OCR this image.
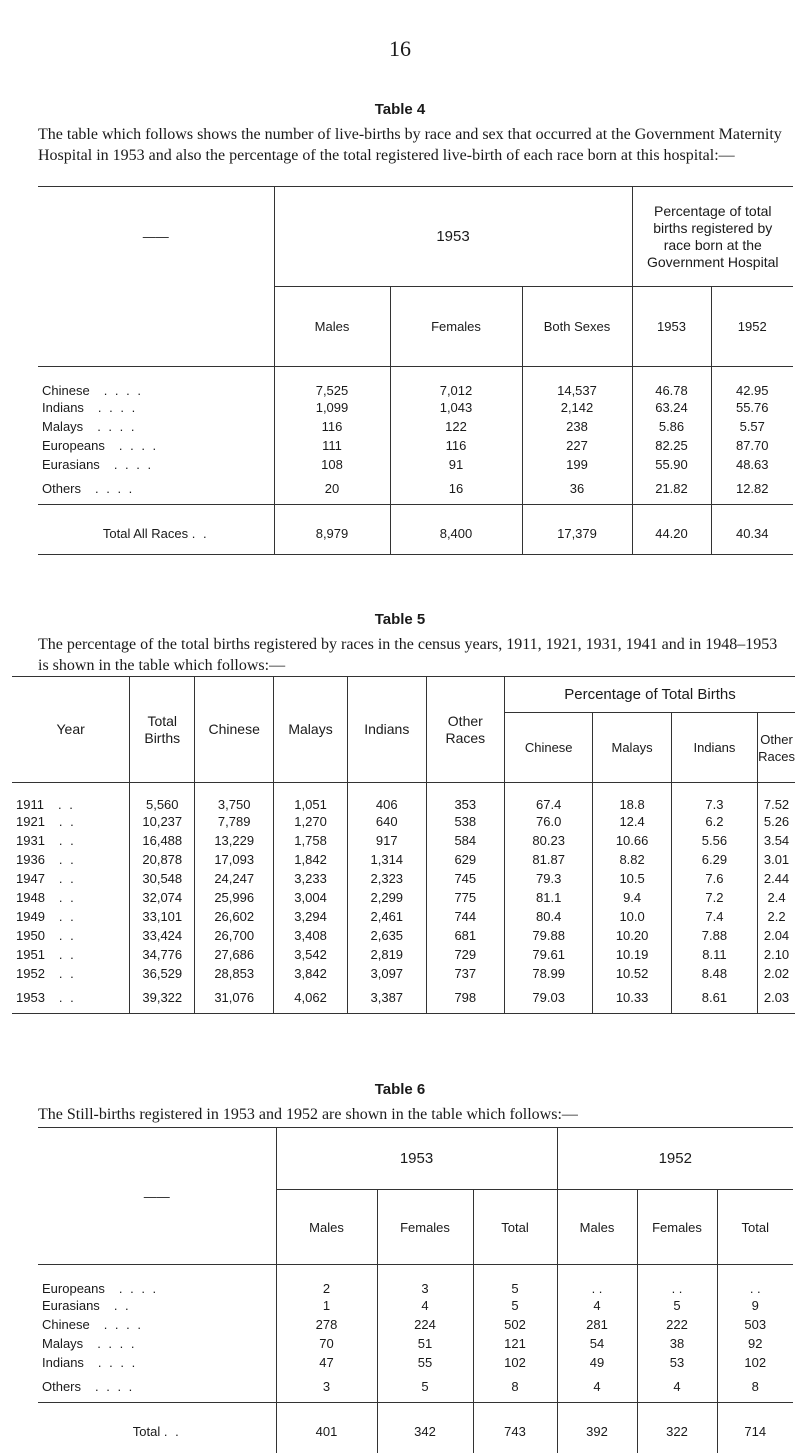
16
Table 4
The table which follows shows the number of live-births by race and sex that occurred at the Government Maternity Hospital in 1953 and also the percentage of the total registered live-birth of each race born at this hospital:—
——	1953			Percentage of total births registered by race born at the Government Hospital	
	Males	Females	Both Sexes	1953	1952
Chinese . . . .	7,525	7,012	14,537	46.78	42.95
Indians . . . .	1,099	1,043	2,142	63.24	55.76
Malays . . . .	116	122	238	5.86	5.57
Europeans . . . .	111	116	227	82.25	87.70
Eurasians . . . .	108	91	199	55.90	48.63
Others . . . .	20	16	36	21.82	12.82
Total All Races . .	8,979	8,400	17,379	44.20	40.34
Table 5
The percentage of the total births registered by races in the census years, 1911, 1921, 1931, 1941 and in 1948–1953 is shown in the table which follows:—
Year	Total Births	Chinese	Malays	Indians	Other Races	Percentage of Total Births			
						Chinese	Malays	Indians	Other Races
1911 . .	5,560	3,750	1,051	406	353	67.4	18.8	7.3	7.52
1921 . .	10,237	7,789	1,270	640	538	76.0	12.4	6.2	5.26
1931 . .	16,488	13,229	1,758	917	584	80.23	10.66	5.56	3.54
1936 . .	20,878	17,093	1,842	1,314	629	81.87	8.82	6.29	3.01
1947 . .	30,548	24,247	3,233	2,323	745	79.3	10.5	7.6	2.44
1948 . .	32,074	25,996	3,004	2,299	775	81.1	9.4	7.2	2.4
1949 . .	33,101	26,602	3,294	2,461	744	80.4	10.0	7.4	2.2
1950 . .	33,424	26,700	3,408	2,635	681	79.88	10.20	7.88	2.04
1951 . .	34,776	27,686	3,542	2,819	729	79.61	10.19	8.11	2.10
1952 . .	36,529	28,853	3,842	3,097	737	78.99	10.52	8.48	2.02
1953 . .	39,322	31,076	4,062	3,387	798	79.03	10.33	8.61	2.03
Table 6
The Still-births registered in 1953 and 1952 are shown in the table which follows:—
——	1953			1952		
	Males	Females	Total	Males	Females	Total
Europeans . . . .	2	3	5	. .	. .	. .
Eurasians . .	1	4	5	4	5	9
Chinese . . . .	278	224	502	281	222	503
Malays . . . .	70	51	121	54	38	92
Indians . . . .	47	55	102	49	53	102
Others . . . .	3	5	8	4	4	8
Total . .	401	342	743	392	322	714
